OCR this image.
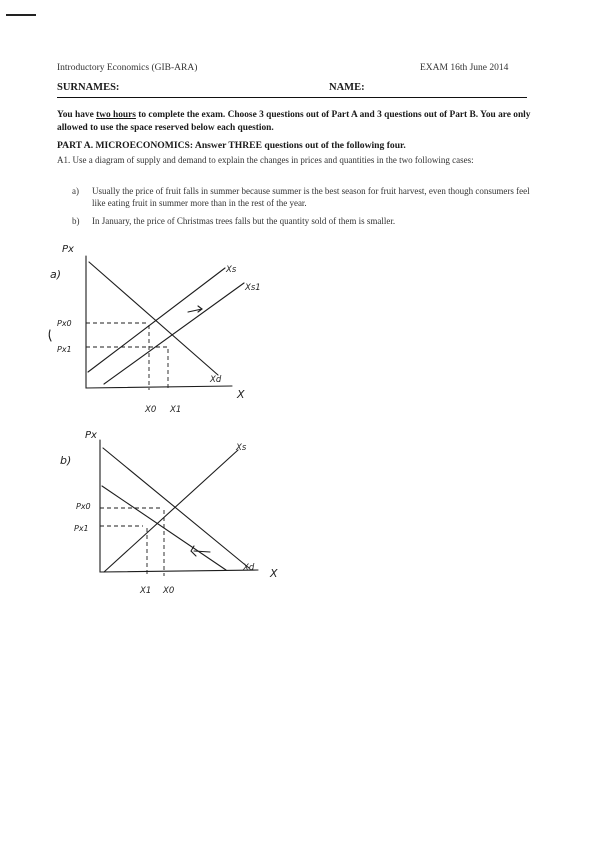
Introductory Economics (GIB-ARA)	EXAM 16th June 2014
SURNAMES:	NAME:
You have two hours to complete the exam. Choose 3 questions out of Part A and 3 questions out of Part B. You are only allowed to use the space reserved below each question.
PART A. MICROECONOMICS: Answer THREE questions out of the following four.
A1. Use a diagram of supply and demand to explain the changes in prices and quantities in the two following cases:
a) Usually the price of fruit falls in summer because summer is the best season for fruit harvest, even though consumers feel like eating fruit in summer more than in the rest of the year.
b) In January, the price of Christmas trees falls but the quantity sold of them is smaller.
a)
Px
X
Xd
Xs
Xs1
Px0
Px1
X0 X1
b)
Px
X
Xs
Xd
Px0
Px1
X1 X0
